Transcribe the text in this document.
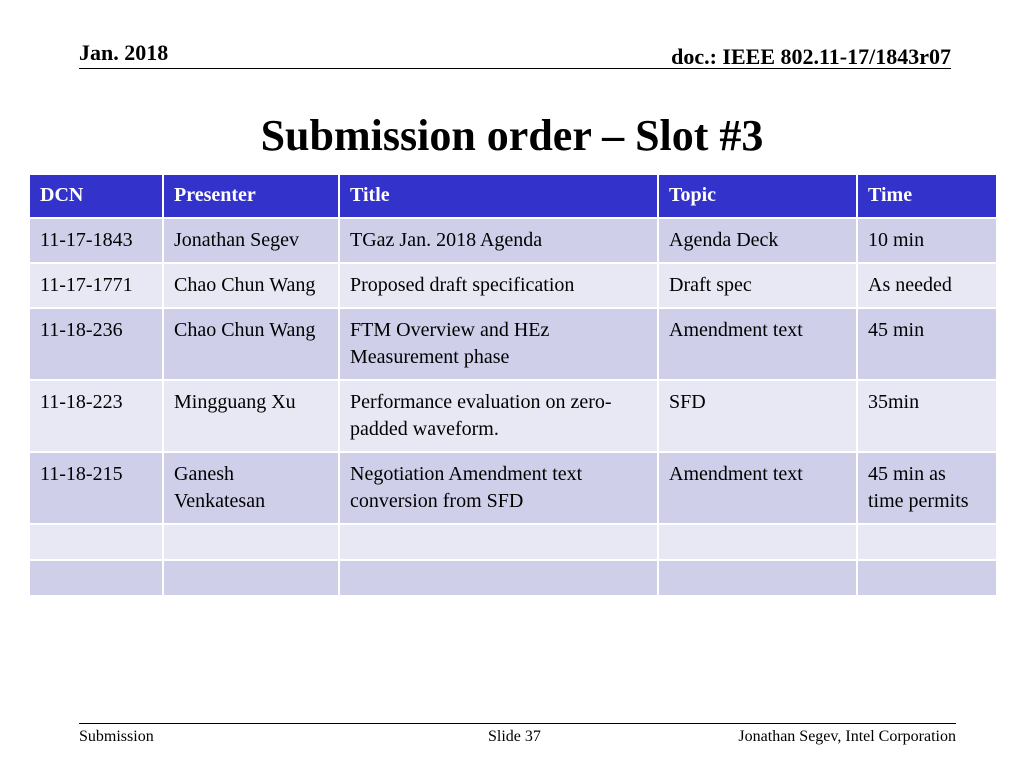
Jan. 2018	doc.: IEEE 802.11-17/1843r07
Submission order – Slot #3
DCN	Presenter	Title	Topic	Time
11-17-1843	Jonathan Segev	TGaz Jan. 2018 Agenda	Agenda Deck	10 min
11-17-1771	Chao Chun Wang	Proposed draft specification	Draft spec	As needed
11-18-236	Chao Chun Wang	FTM Overview and HEz Measurement phase	Amendment text	45 min
11-18-223	Mingguang Xu	Performance evaluation on zero-padded waveform.	SFD	35min
11-18-215	Ganesh Venkatesan	Negotiation Amendment text conversion from SFD	Amendment text	45 min as time permits

Submission	Slide 37	Jonathan Segev, Intel Corporation
